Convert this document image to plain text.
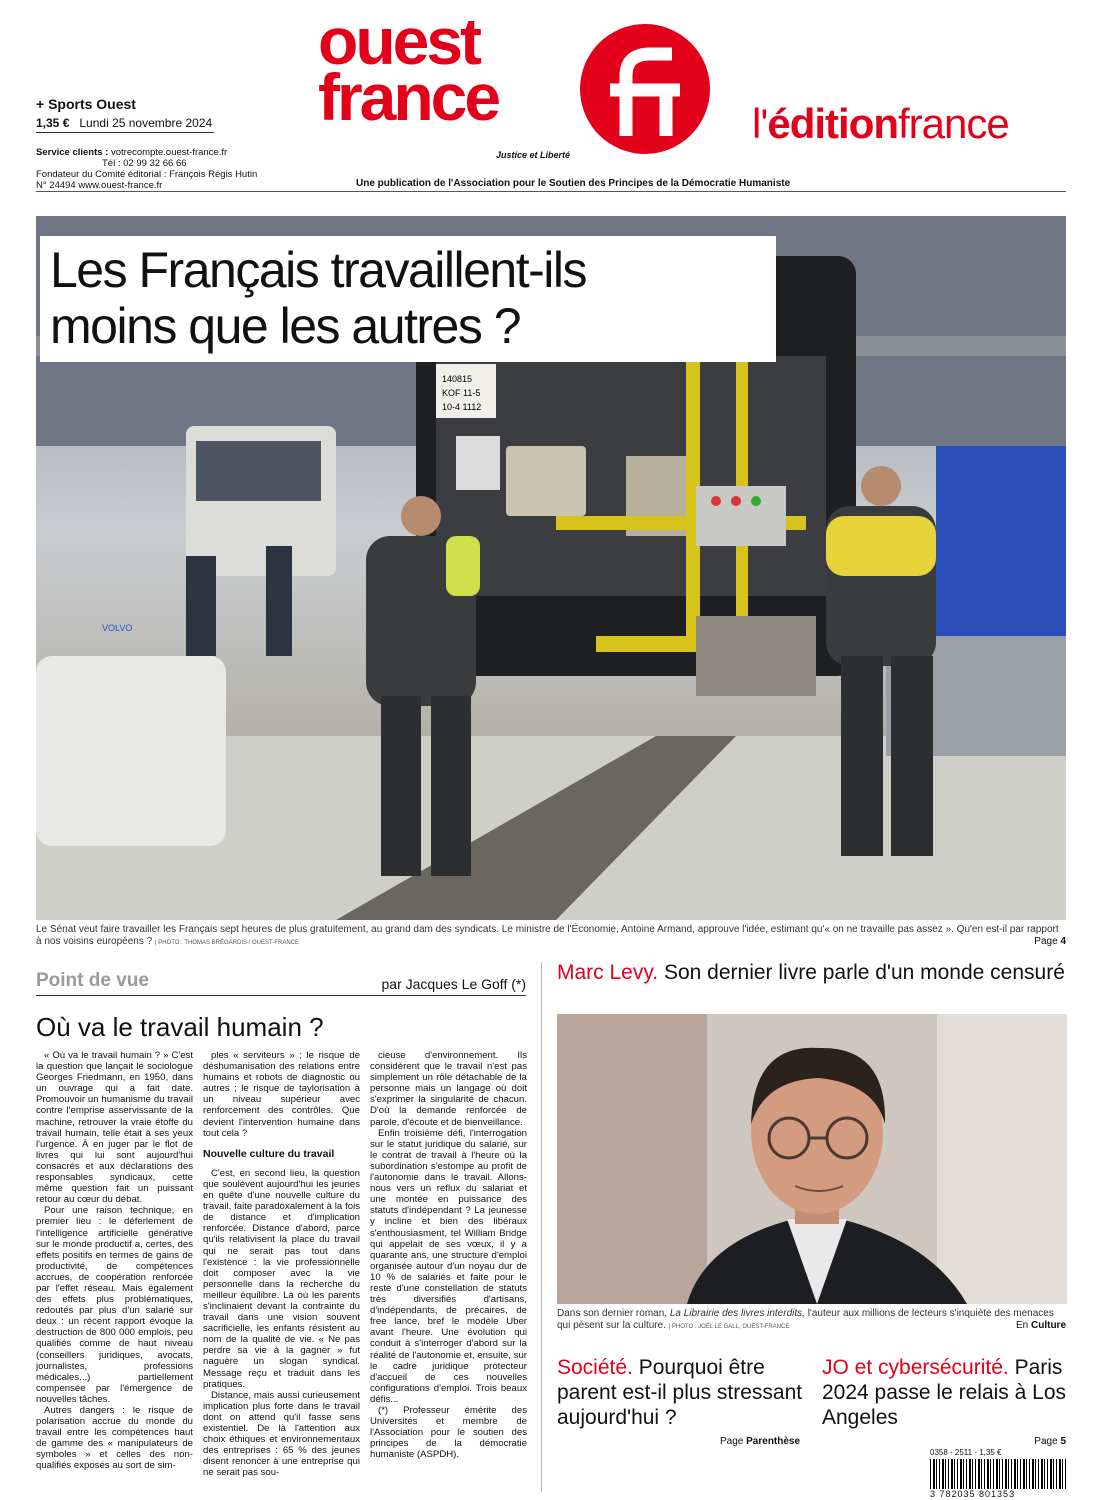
+ Sports Ouest
1,35 € Lundi 25 novembre 2024
Service clients : votrecompte.ouest-france.fr
Tél : 02 99 32 66 66
Fondateur du Comité éditorial : François Régis Hutin
N° 24494 www.ouest-france.fr
ouest
france
Justice et Liberté
Une publication de l'Association pour le Soutien des Principes de la Démocratie Humaniste
l'éditionfrance
140815
KOF 11-5
10-4 1112
VOLVO
Les Français travaillent-ils
moins que les autres ?
Le Sénat veut faire travailler les Français sept heures de plus gratuitement, au grand dam des syndicats. Le ministre de l'Économie, Antoine Armand, approuve l'idée, estimant qu'« on ne travaille pas assez ». Qu'en est-il par rapport à nos voisins européens ? | PHOTO : THOMAS BRÉGARDIS / OUEST-FRANCE	Page 4
Point de vue	par Jacques Le Goff (*)
Où va le travail humain ?

« Où va le travail humain ? » C'est la question que lançait le sociologue Georges Friedmann, en 1950, dans un ouvrage qui a fait date. Promouvoir un humanisme du travail contre l'emprise asservissante de la machine, retrouver la vraie étoffe du travail humain, telle était à ses yeux l'urgence. À en juger par le flot de livres qui lui sont aujourd'hui consacrés et aux déclarations des responsables syndicaux, cette même question fait un puissant retour au cœur du débat.

Pour une raison technique, en premier lieu : le déferlement de l'intelligence artificielle générative sur le monde productif a, certes, des effets positifs en termes de gains de productivité, de compétences accrues, de coopération renforcée par l'effet réseau. Mais également des effets plus problématiques, redoutés par plus d'un salarié sur deux : un récent rapport évoque la destruction de 800 000 emplois, peu qualifiés comme de haut niveau (conseillers juridiques, avocats, journalistes, professions médicales...) partiellement compensée par l'émergence de nouvelles tâches.

Autres dangers : le risque de polarisation accrue du monde du travail entre les compétences haut de gamme des « manipulateurs de symboles » et celles des non-qualifiés exposés au sort de sim-

ples « serviteurs » ; le risque de déshumanisation des relations entre humains et robots de diagnostic ou autres ; le risque de taylorisation à un niveau supérieur avec renforcement des contrôles. Que devient l'intervention humaine dans tout cela ?

Nouvelle culture du travail

C'est, en second lieu, la question que soulèvent aujourd'hui les jeunes en quête d'une nouvelle culture du travail, faite paradoxalement à la fois de distance et d'implication renforcée. Distance d'abord, parce qu'ils relativisent la place du travail qui ne serait pas tout dans l'existence : la vie professionnelle doit composer avec la vie personnelle dans la recherche du meilleur équilibre. Là où les parents s'inclinaient devant la contrainte du travail dans une vision souvent sacrificielle, les enfants résistent au nom de la qualité de vie. « Ne pas perdre sa vie à la gagner » fut naguère un slogan syndical. Message reçu et traduit dans les pratiques.

Distance, mais aussi curieusement implication plus forte dans le travail dont on attend qu'il fasse sens existentiel. De là l'attention aux choix éthiques et environnementaux des entreprises : 65 % des jeunes disent renoncer à une entreprise qui ne serait pas sou-

cieuse d'environnement. Ils considèrent que le travail n'est pas simplement un rôle détachable de la personne mais un langage où doit s'exprimer la singularité de chacun. D'où la demande renforcée de parole, d'écoute et de bienveillance.

Enfin troisième défi, l'interrogation sur le statut juridique du salarié, sur le contrat de travail à l'heure où la subordination s'estompe au profit de l'autonomie dans le travail. Allons-nous vers un reflux du salariat et une montée en puissance des statuts d'indépendant ? La jeunesse y incline et bien des libéraux s'enthousiasment, tel William Bridge qui appelait de ses vœux, il y a quarante ans, une structure d'emploi organisée autour d'un noyau dur de 10 % de salariés et faite pour le reste d'une constellation de statuts très diversifiés d'artisans, d'indépendants, de précaires, de free lance, bref le modèle Uber avant l'heure. Une évolution qui conduit à s'interroger d'abord sur la réalité de l'autonomie et, ensuite, sur le cadre juridique protecteur d'accueil de ces nouvelles configurations d'emploi. Trois beaux défis...

(*) Professeur émérite des Universités et membre de l'Association pour le soutien des principes de la démocratie humaniste (ASPDH).

Marc Levy. Son dernier livre parle d'un monde censuré
Dans son dernier roman, La Librairie des livres interdits, l'auteur aux millions de lecteurs s'inquiète des menaces qui pèsent sur la culture. | PHOTO : JOËL LE GALL, OUEST-FRANCE	En Culture
Société. Pourquoi être parent est-il plus stressant aujourd'hui ?
Page Parenthèse
JO et cybersécurité. Paris 2024 passe le relais à Los Angeles
Page 5
0358 - 2511 - 1,35 €
3 782035 801353
